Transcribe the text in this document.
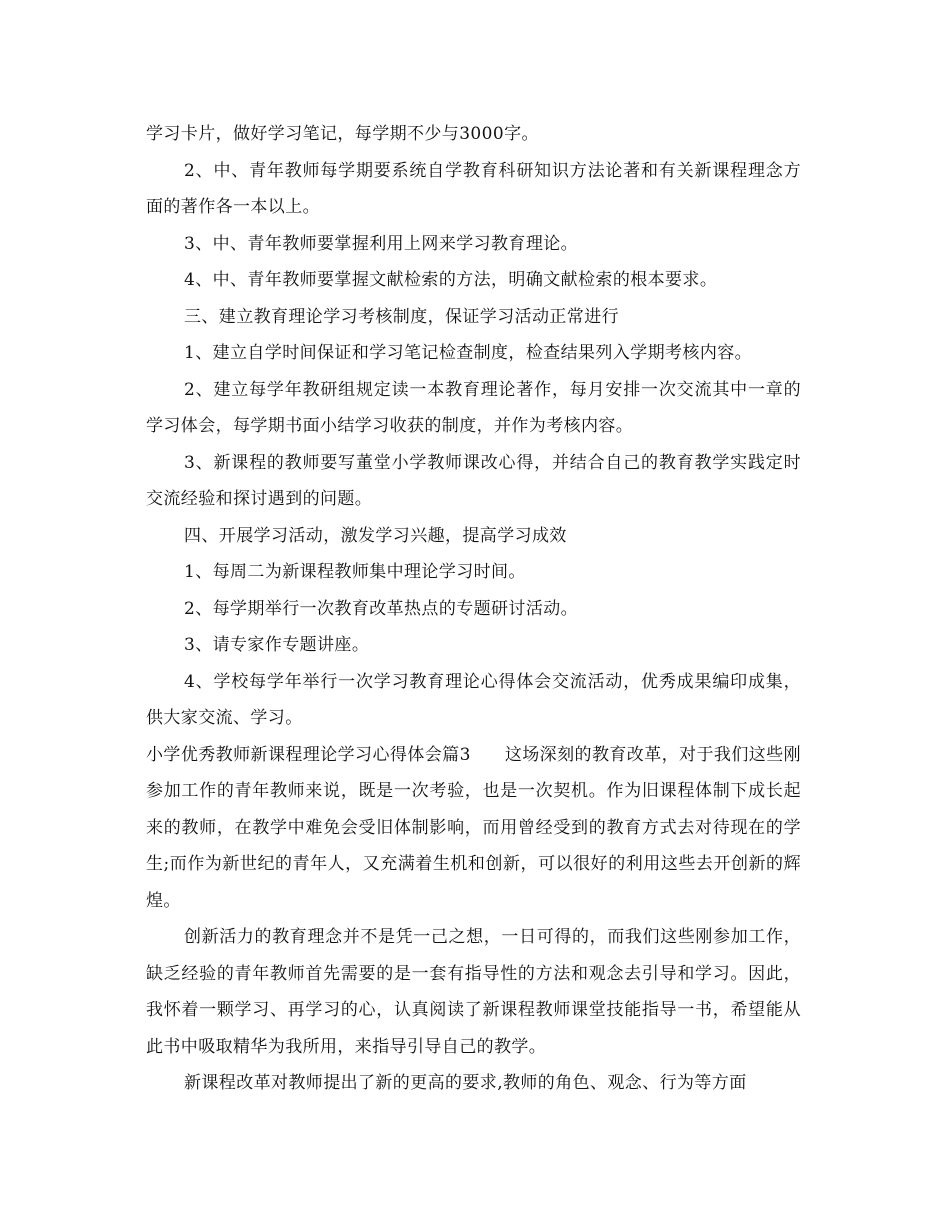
学习卡片，做好学习笔记，每学期不少与3000字。

2、中、青年教师每学期要系统自学教育科研知识方法论著和有关新课程理念方面的著作各一本以上。

3、中、青年教师要掌握利用上网来学习教育理论。

4、中、青年教师要掌握文献检索的方法，明确文献检索的根本要求。

三、建立教育理论学习考核制度，保证学习活动正常进行

1、建立自学时间保证和学习笔记检查制度，检查结果列入学期考核内容。

2、建立每学年教研组规定读一本教育理论著作，每月安排一次交流其中一章的学习体会，每学期书面小结学习收获的制度，并作为考核内容。

3、新课程的教师要写董堂小学教师课改心得，并结合自己的教育教学实践定时交流经验和探讨遇到的问题。

四、开展学习活动，激发学习兴趣，提高学习成效

1、每周二为新课程教师集中理论学习时间。

2、每学期举行一次教育改革热点的专题研讨活动。

3、请专家作专题讲座。

4、学校每学年举行一次学习教育理论心得体会交流活动，优秀成果编印成集，供大家交流、学习。

小学优秀教师新课程理论学习心得体会篇3 这场深刻的教育改革，对于我们这些刚参加工作的青年教师来说，既是一次考验，也是一次契机。作为旧课程体制下成长起来的教师，在教学中难免会受旧体制影响，而用曾经受到的教育方式去对待现在的学生;而作为新世纪的青年人，又充满着生机和创新，可以很好的利用这些去开创新的辉煌。

创新活力的教育理念并不是凭一己之想，一日可得的，而我们这些刚参加工作，缺乏经验的青年教师首先需要的是一套有指导性的方法和观念去引导和学习。因此，我怀着一颗学习、再学习的心，认真阅读了新课程教师课堂技能指导一书，希望能从此书中吸取精华为我所用，来指导引导自己的教学。

新课程改革对教师提出了新的更高的要求,教师的角色、观念、行为等方面
